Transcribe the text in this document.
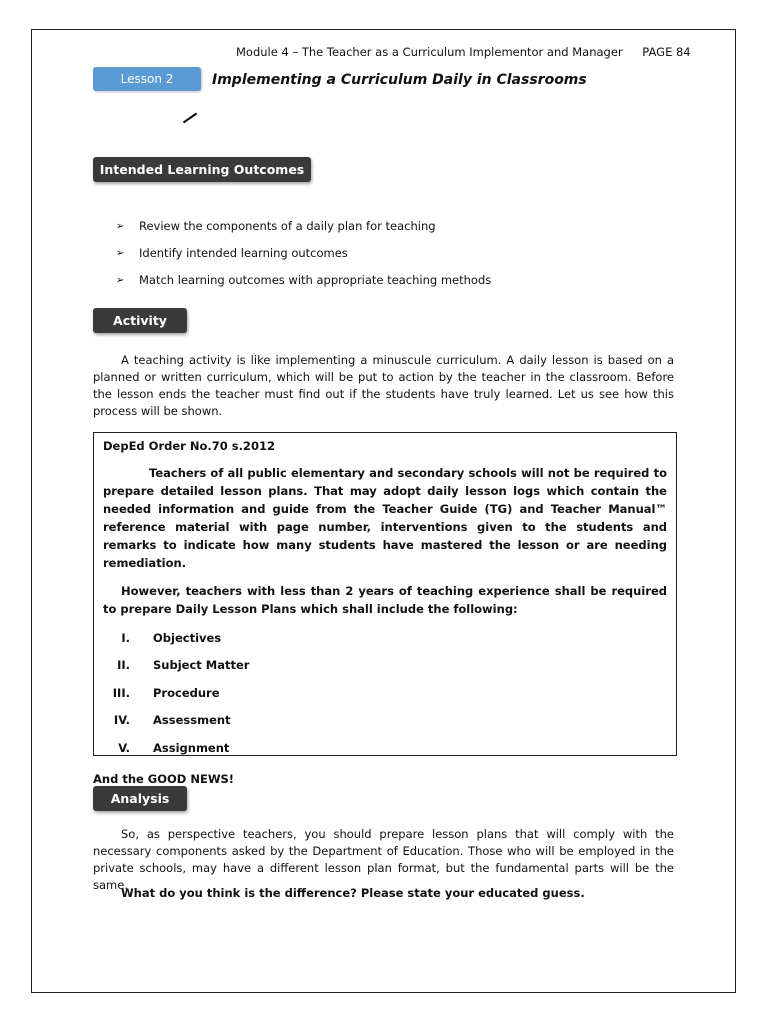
Module 4 – The Teacher as a Curriculum Implementor and Manager PAGE 84
Lesson 2	Implementing a Curriculum Daily in Classrooms
Intended Learning Outcomes
➢	Review the components of a daily plan for teaching
➢	Identify intended learning outcomes
➢	Match learning outcomes with appropriate teaching methods
Activity

A teaching activity is like implementing a minuscule curriculum. A daily lesson is based on a planned or written curriculum, which will be put to action by the teacher in the classroom. Before the lesson ends the teacher must find out if the students have truly learned. Let us see how this process will be shown.

DepEd Order No.70 s.2012

Teachers of all public elementary and secondary schools will not be required to prepare detailed lesson plans. That may adopt daily lesson logs which contain the needed information and guide from the Teacher Guide (TG) and Teacher Manual™ reference material with page number, interventions given to the students and remarks to indicate how many students have mastered the lesson or are needing remediation.

However, teachers with less than 2 years of teaching experience shall be required to prepare Daily Lesson Plans which shall include the following:

I.	Objectives
II.	Subject Matter
III.	Procedure
IV.	Assessment
V.	Assignment
And the GOOD NEWS!
Analysis

So, as perspective teachers, you should prepare lesson plans that will comply with the necessary components asked by the Department of Education. Those who will be employed in the private schools, may have a different lesson plan format, but the fundamental parts will be the same.

What do you think is the difference? Please state your educated guess.
